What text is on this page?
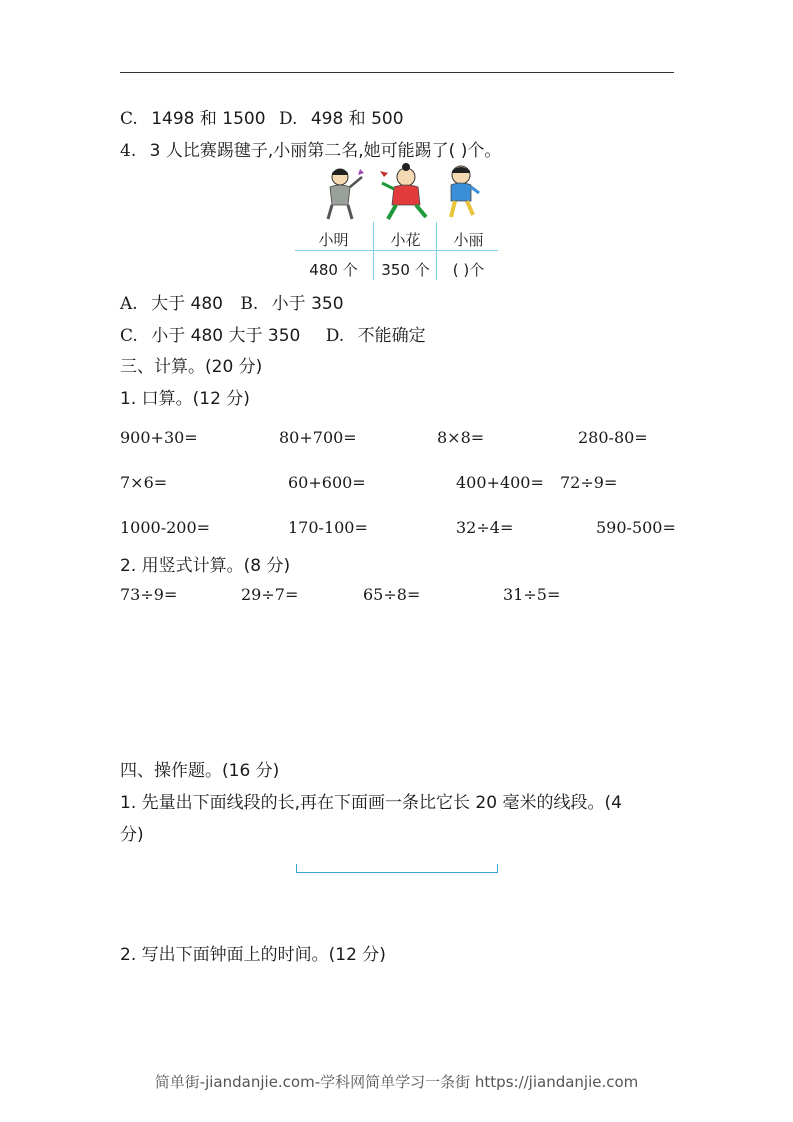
C. 1498 和 1500 D. 498 和 500
4. 3 人比赛踢毽子,小丽第二名,她可能踢了( )个。
小明	小花	小丽
480 个	350 个	( )个
A. 大于 480 B. 小于 350
C. 小于 480 大于 350 D. 不能确定
三、计算。(20 分)
1. 口算。(12 分)
900+30=	80+700=	8×8=	280-80=
7×6=	60+600=	400+400= 72÷9=
1000-200=	170-100=	32÷4=	590-500=
2. 用竖式计算。(8 分)
73÷9=	29÷7=	65÷8=	31÷5=
四、操作题。(16 分)
1. 先量出下面线段的长,再在下面画一条比它长 20 毫米的线段。(4
分)
2. 写出下面钟面上的时间。(12 分)
简单街-jiandanjie.com-学科网简单学习一条街 https://jiandanjie.com
